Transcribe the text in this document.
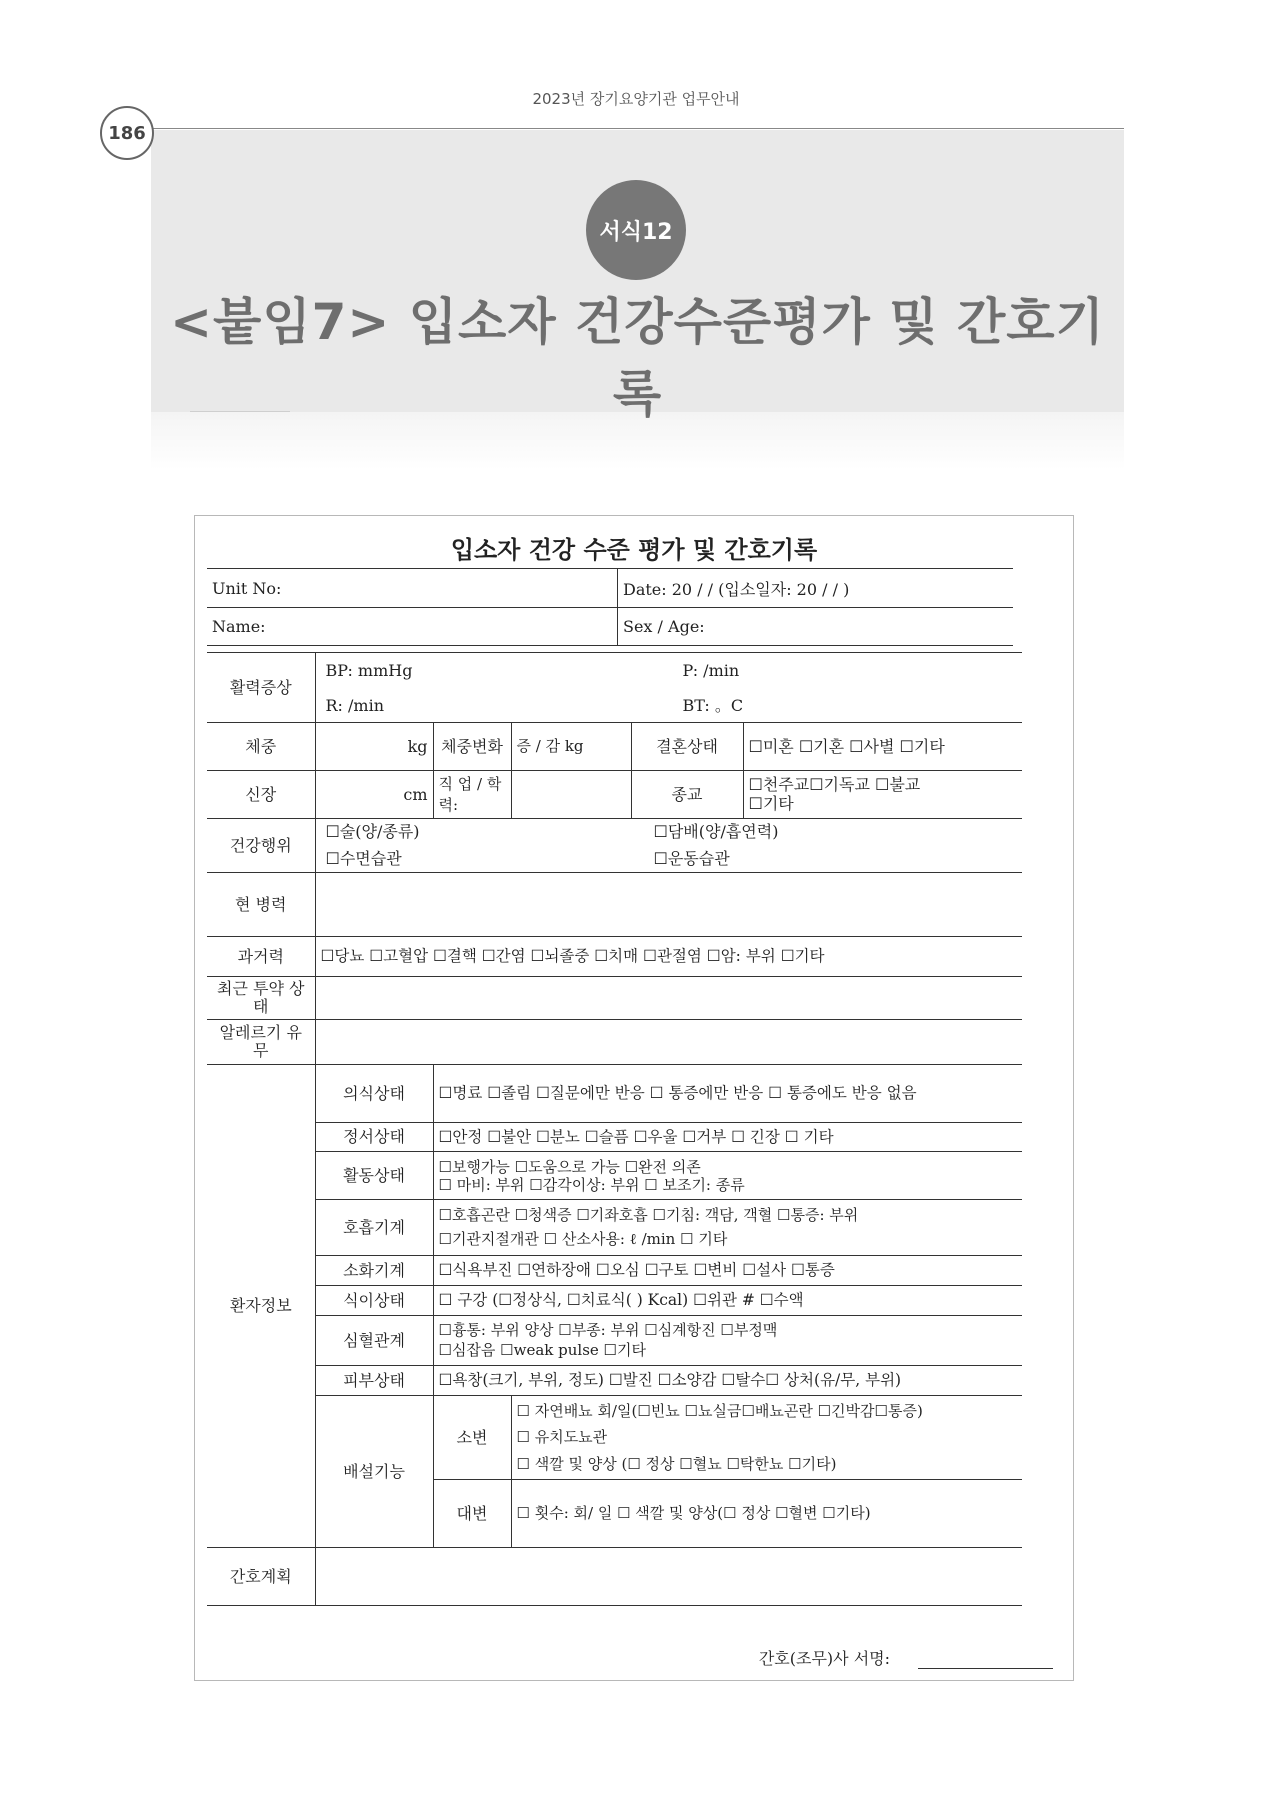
2023년 장기요양기관 업무안내
186
서식12
<붙임7> 입소자 건강수준평가 및 간호기록
입소자 건강 수준 평가 및 간호기록
Unit No:	Date: 20 / / (입소일자: 20 / / )
Name:	Sex / Age:
활력증상	BP: mmHg P: /min
R: /min BT: 。C				

체중	kg	체중변화	증 / 감 kg	결혼상태	☐미혼 ☐기혼 ☐사별 ☐기타
신장	cm	직 업 / 학력:		종교	☐천주교☐기독교 ☐불교
☐기타

건강행위	☐술(양/종류) ☐담배(양/흡연력)
☐수면습관 ☐운동습관				

현 병력					
과거력	☐당뇨 ☐고혈압 ☐결핵 ☐간염 ☐뇌졸중 ☐치매 ☐관절염 ☐암: 부위 ☐기타				
최근 투약 상태					
알레르기 유무					
환자정보	의식상태	☐명료 ☐졸림 ☐질문에만 반응 ☐ 통증에만 반응 ☐ 통증에도 반응 없음			
	정서상태	☐안정 ☐불안 ☐분노 ☐슬픔 ☐우울 ☐거부 ☐ 긴장 ☐ 기타			
	활동상태	☐보행가능 ☐도움으로 가능 ☐완전 의존
☐ 마비: 부위 ☐감각이상: 부위 ☐ 보조기: 종류			

	호흡기계	☐호흡곤란 ☐청색증 ☐기좌호흡 ☐기침: 객담, 객혈 ☐통증: 부위
☐기관지절개관 ☐ 산소사용: ℓ /min ☐ 기타			

	소화기계	☐식욕부진 ☐연하장애 ☐오심 ☐구토 ☐변비 ☐설사 ☐통증			
	식이상태	☐ 구강 (☐정상식, ☐치료식( ) Kcal) ☐위관 # ☐수액			
	심혈관계	☐흉통: 부위 양상 ☐부종: 부위 ☐심계항진 ☐부정맥
☐심잡음 ☐weak pulse ☐기타			

	피부상태	☐욕창(크기, 부위, 정도) ☐발진 ☐소양감 ☐탈수☐ 상처(유/무, 부위)			
	배설기능	소변	☐ 자연배뇨 회/일(☐빈뇨 ☐뇨실금☐배뇨곤란 ☐긴박감☐통증)
☐ 유치도뇨관
☐ 색깔 및 양상 (☐ 정상 ☐혈뇨 ☐탁한뇨 ☐기타)		

		대변	☐ 횟수: 회/ 일 ☐ 색깔 및 양상(☐ 정상 ☐혈변 ☐기타)		
간호계획					
간호(조무)사 서명:
